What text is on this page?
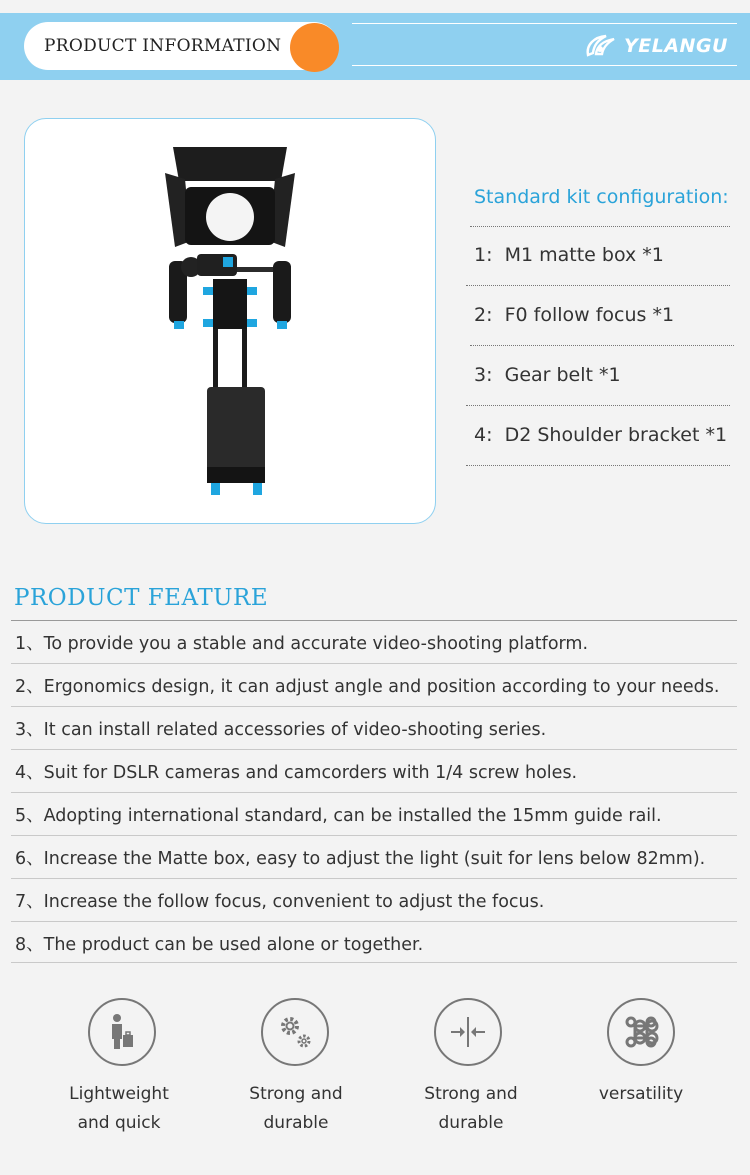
PRODUCT INFORMATION	YELANGU
Standard kit configuration:
1: M1 matte box *1
2: F0 follow focus *1
3: Gear belt *1
4: D2 Shoulder bracket *1
PRODUCT FEATURE
1、To provide you a stable and accurate video-shooting platform.
2、Ergonomics design, it can adjust angle and position according to your needs.
3、It can install related accessories of video-shooting series.
4、Suit for DSLR cameras and camcorders with 1/4 screw holes.
5、Adopting international standard, can be installed the 15mm guide rail.
6、Increase the Matte box, easy to adjust the light (suit for lens below 82mm).
7、Increase the follow focus, convenient to adjust the focus.
8、The product can be used alone or together.
Lightweight
and quick
Strong and
durable
Strong and
durable
versatility
